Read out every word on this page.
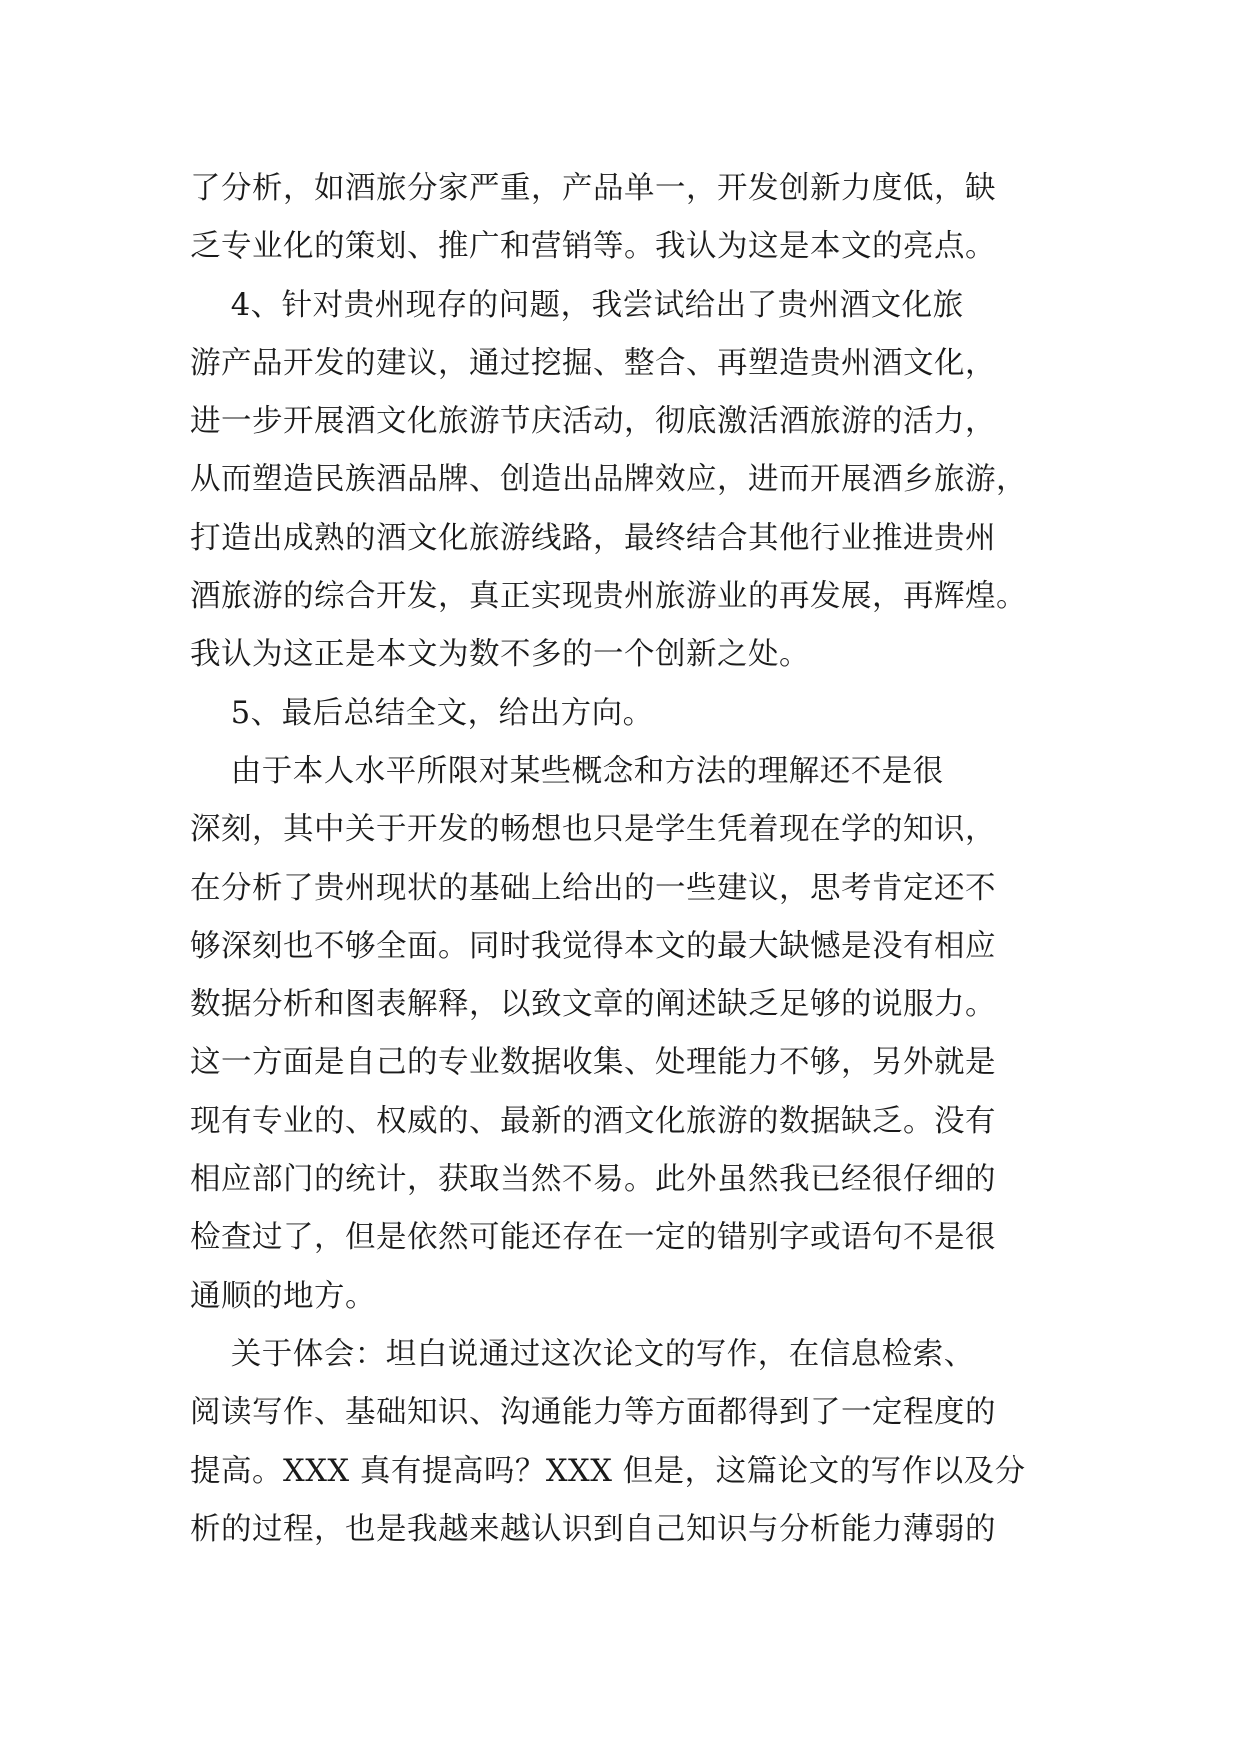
了分析，如酒旅分家严重，产品单一，开发创新力度低，缺
乏专业化的策划、推广和营销等。我认为这是本文的亮点。
4、针对贵州现存的问题，我尝试给出了贵州酒文化旅
游产品开发的建议，通过挖掘、整合、再塑造贵州酒文化，
进一步开展酒文化旅游节庆活动，彻底激活酒旅游的活力，
从而塑造民族酒品牌、创造出品牌效应，进而开展酒乡旅游，
打造出成熟的酒文化旅游线路，最终结合其他行业推进贵州
酒旅游的综合开发，真正实现贵州旅游业的再发展，再辉煌。
我认为这正是本文为数不多的一个创新之处。
5、最后总结全文，给出方向。
由于本人水平所限对某些概念和方法的理解还不是很
深刻，其中关于开发的畅想也只是学生凭着现在学的知识，
在分析了贵州现状的基础上给出的一些建议，思考肯定还不
够深刻也不够全面。同时我觉得本文的最大缺憾是没有相应
数据分析和图表解释，以致文章的阐述缺乏足够的说服力。
这一方面是自己的专业数据收集、处理能力不够，另外就是
现有专业的、权威的、最新的酒文化旅游的数据缺乏。没有
相应部门的统计，获取当然不易。此外虽然我已经很仔细的
检查过了，但是依然可能还存在一定的错别字或语句不是很
通顺的地方。
关于体会：坦白说通过这次论文的写作，在信息检索、
阅读写作、基础知识、沟通能力等方面都得到了一定程度的
提高。XXX 真有提高吗？XXX 但是，这篇论文的写作以及分
析的过程，也是我越来越认识到自己知识与分析能力薄弱的
